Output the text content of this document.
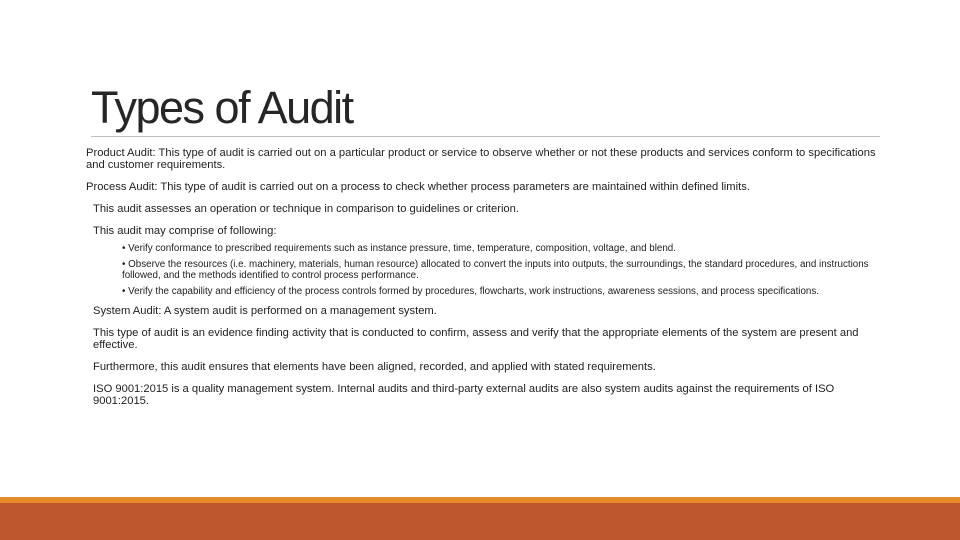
Types of Audit

Product Audit: This type of audit is carried out on a particular product or service to observe whether or not these products and services conform to specifications and customer requirements.

Process Audit: This type of audit is carried out on a process to check whether process parameters are maintained within defined limits.

This audit assesses an operation or technique in comparison to guidelines or criterion.

This audit may comprise of following:

• Verify conformance to prescribed requirements such as instance pressure, time, temperature, composition, voltage, and blend.
• Observe the resources (i.e. machinery, materials, human resource) allocated to convert the inputs into outputs, the surroundings, the standard procedures, and instructions followed, and the methods identified to control process performance.
• Verify the capability and efficiency of the process controls formed by procedures, flowcharts, work instructions, awareness sessions, and process specifications.

System Audit: A system audit is performed on a management system.

This type of audit is an evidence finding activity that is conducted to confirm, assess and verify that the appropriate elements of the system are present and effective.

Furthermore, this audit ensures that elements have been aligned, recorded, and applied with stated requirements.

ISO 9001:2015 is a quality management system. Internal audits and third-party external audits are also system audits against the requirements of ISO 9001:2015.
